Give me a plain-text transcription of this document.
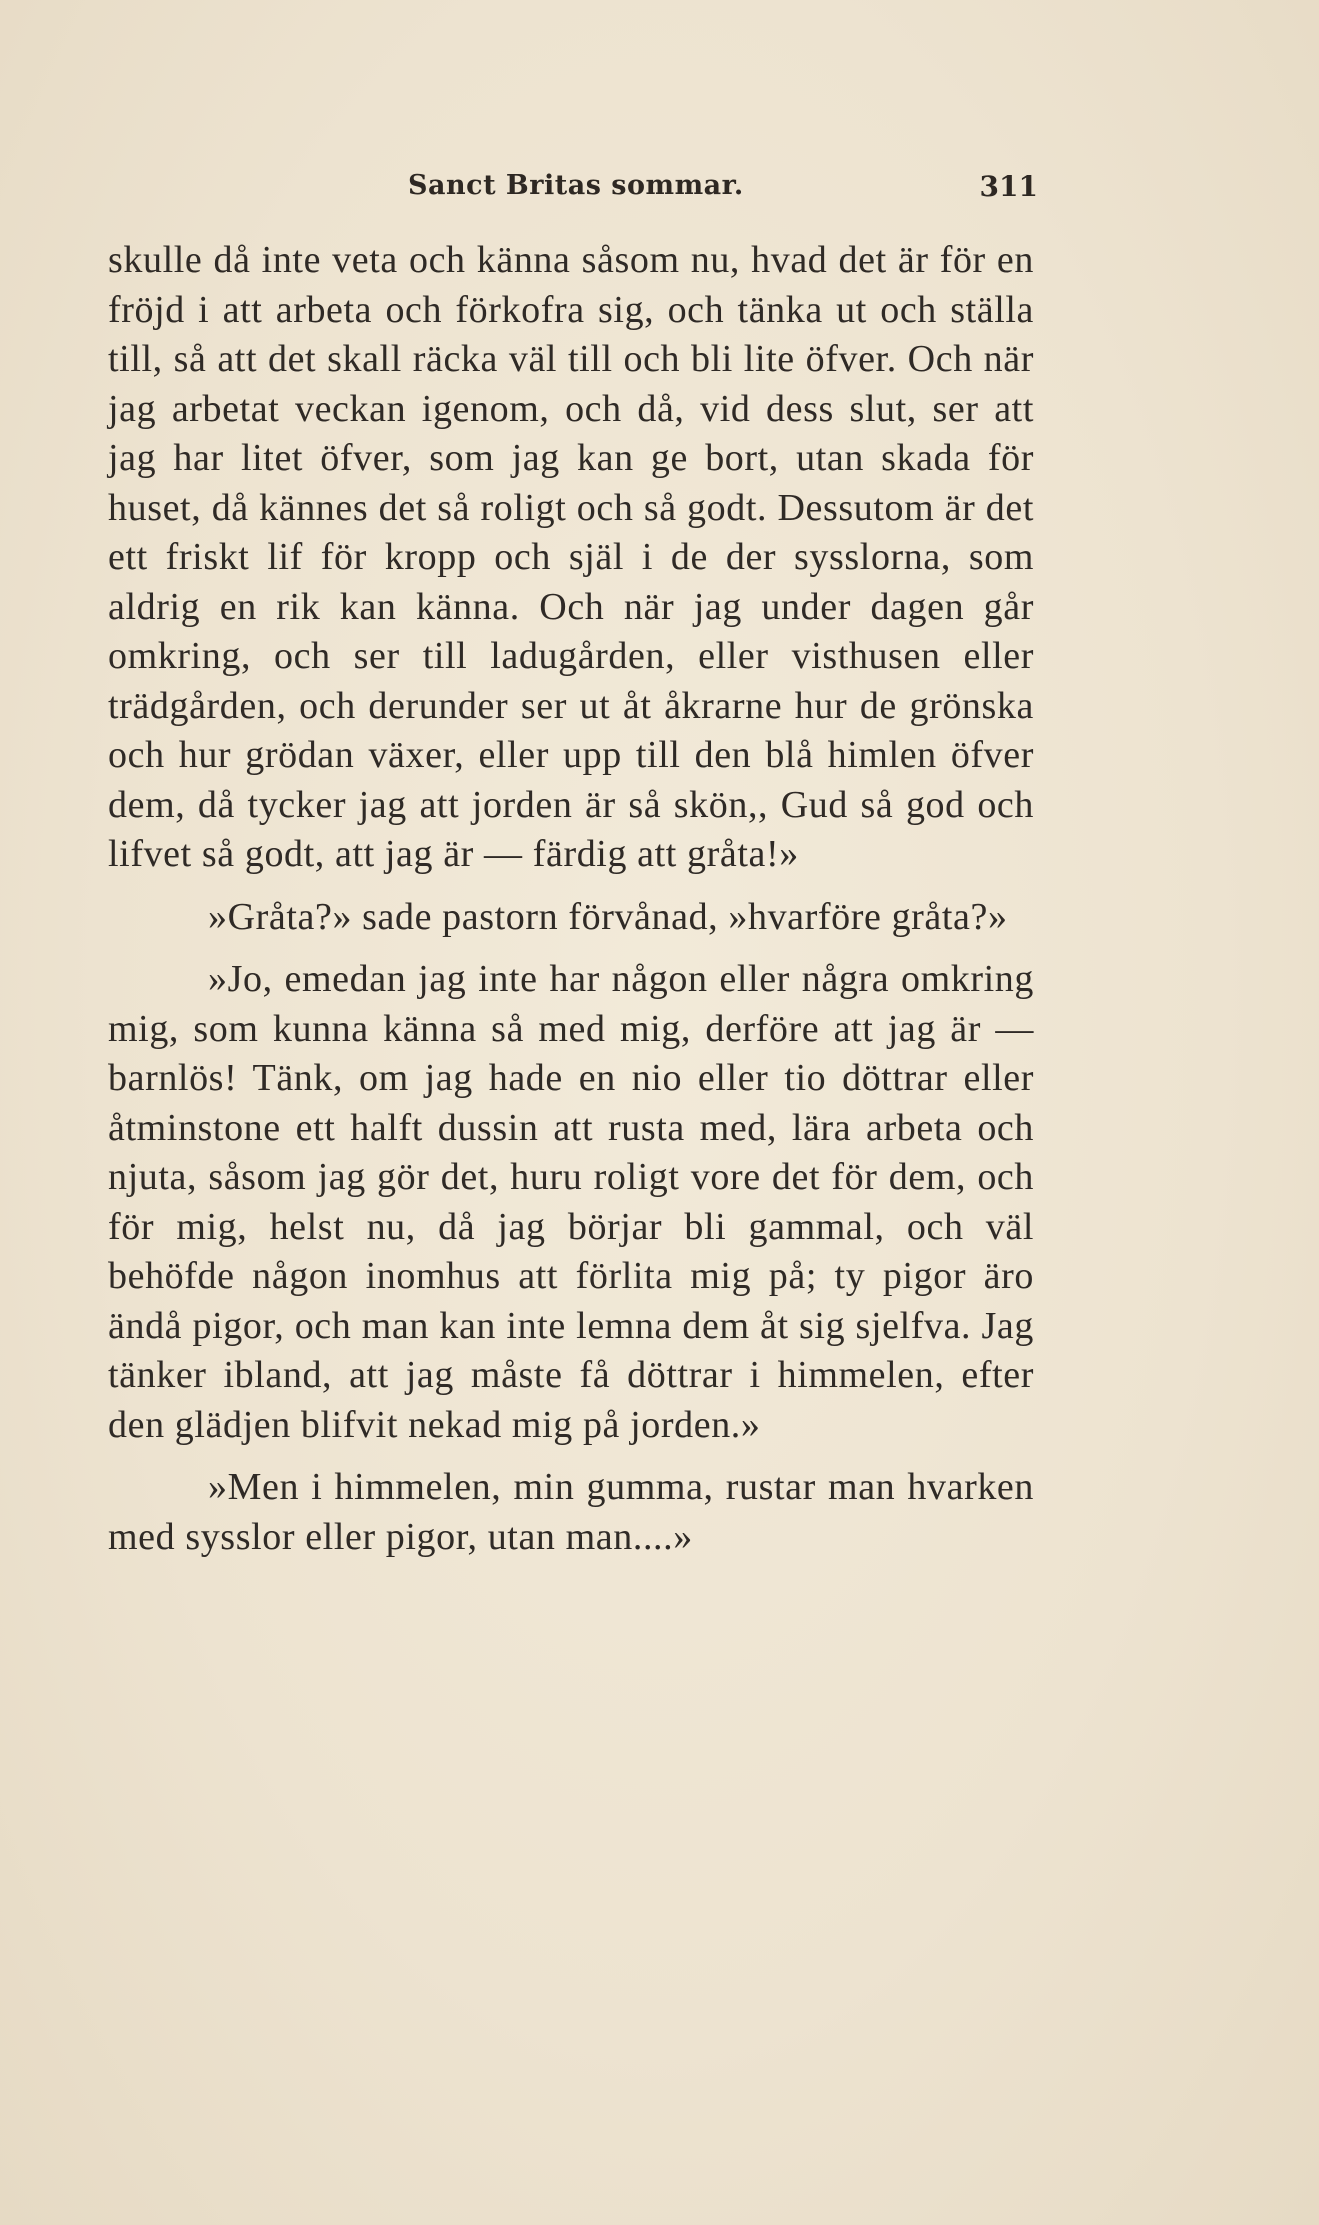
Sanct Britas sommar.	311

skulle då inte veta och känna såsom nu, hvad det är för en fröjd i att arbeta och förkofra sig, och tänka ut och ställa till, så att det skall räcka väl till och bli lite öfver. Och när jag arbetat veckan igenom, och då, vid dess slut, ser att jag har litet öfver, som jag kan ge bort, utan skada för huset, då kännes det så roligt och så godt. Dessutom är det ett friskt lif för kropp och själ i de der sysslorna, som aldrig en rik kan känna. Och när jag under dagen går omkring, och ser till ladugården, eller visthusen eller trädgården, och derunder ser ut åt åkrarne hur de grönska och hur grödan växer, eller upp till den blå himlen öfver dem, då tycker jag att jorden är så skön,, Gud så god och lifvet så godt, att jag är — färdig att gråta!»

»Gråta?» sade pastorn förvånad, »hvarföre gråta?»

»Jo, emedan jag inte har någon eller några omkring mig, som kunna känna så med mig, derföre att jag är — barnlös! Tänk, om jag hade en nio eller tio döttrar eller åtminstone ett halft dussin att rusta med, lära arbeta och njuta, såsom jag gör det, huru roligt vore det för dem, och för mig, helst nu, då jag börjar bli gammal, och väl behöfde någon inomhus att förlita mig på; ty pigor äro ändå pigor, och man kan inte lemna dem åt sig sjelfva. Jag tänker ibland, att jag måste få döttrar i himmelen, efter den glädjen blifvit nekad mig på jorden.»

»Men i himmelen, min gumma, rustar man hvarken med sysslor eller pigor, utan man....»
